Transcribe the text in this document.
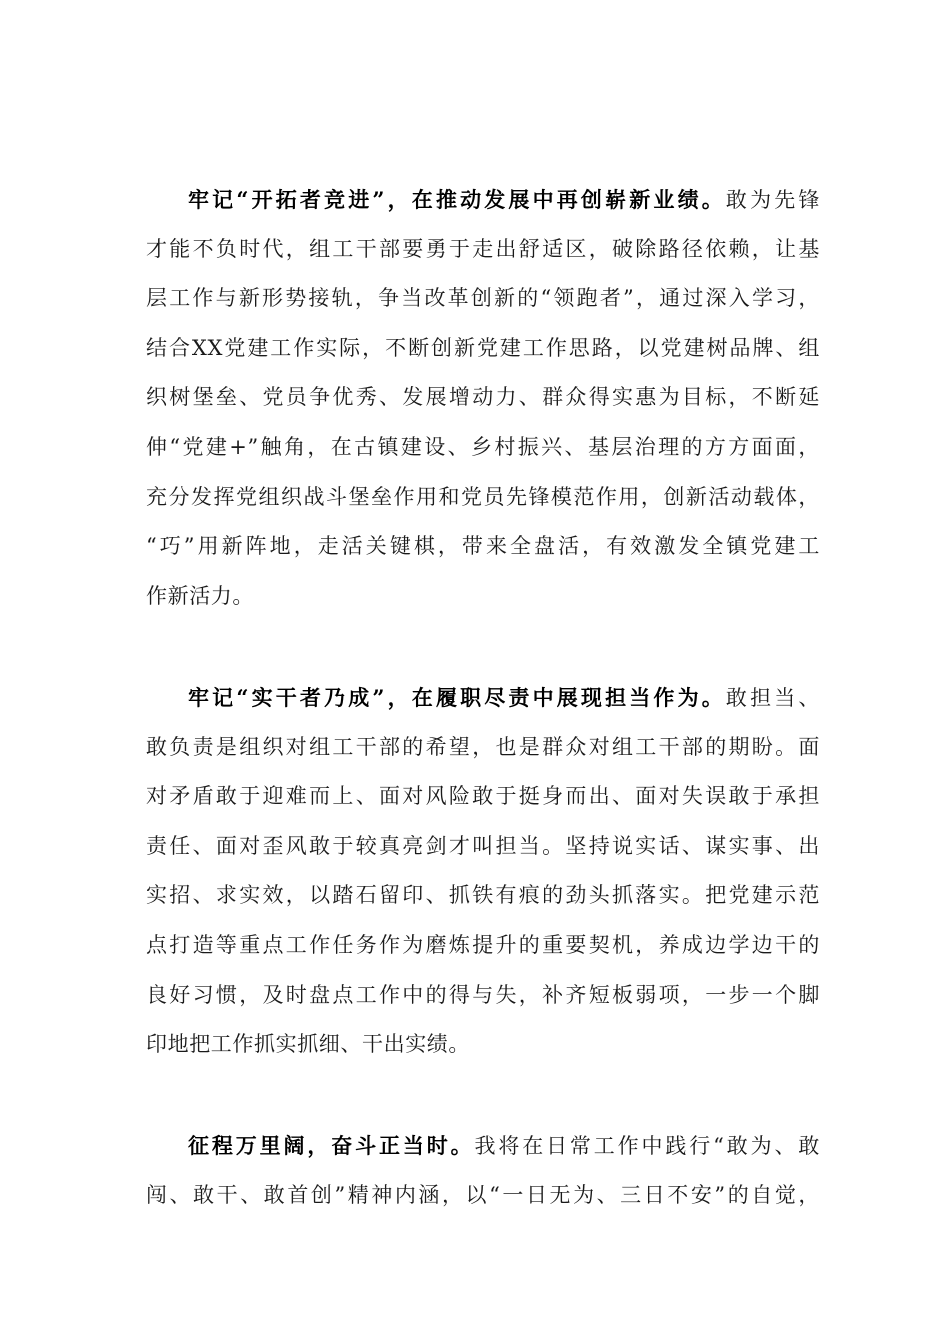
牢记“开拓者竞进”，在推动发展中再创崭新业绩。敢为先锋
才能不负时代，组工干部要勇于走出舒适区，破除路径依赖，让基
层工作与新形势接轨，争当改革创新的“领跑者”，通过深入学习，
结合XX党建工作实际，不断创新党建工作思路，以党建树品牌、组
织树堡垒、党员争优秀、发展增动力、群众得实惠为目标，不断延
伸“党建+”触角，在古镇建设、乡村振兴、基层治理的方方面面，
充分发挥党组织战斗堡垒作用和党员先锋模范作用，创新活动载体，
“巧”用新阵地，走活关键棋，带来全盘活，有效激发全镇党建工
作新活力。
牢记“实干者乃成”，在履职尽责中展现担当作为。敢担当、
敢负责是组织对组工干部的希望，也是群众对组工干部的期盼。面
对矛盾敢于迎难而上、面对风险敢于挺身而出、面对失误敢于承担
责任、面对歪风敢于较真亮剑才叫担当。坚持说实话、谋实事、出
实招、求实效，以踏石留印、抓铁有痕的劲头抓落实。把党建示范
点打造等重点工作任务作为磨炼提升的重要契机，养成边学边干的
良好习惯，及时盘点工作中的得与失，补齐短板弱项，一步一个脚
印地把工作抓实抓细、干出实绩。
征程万里阔，奋斗正当时。我将在日常工作中践行“敢为、敢
闯、敢干、敢首创”精神内涵，以“一日无为、三日不安”的自觉，
